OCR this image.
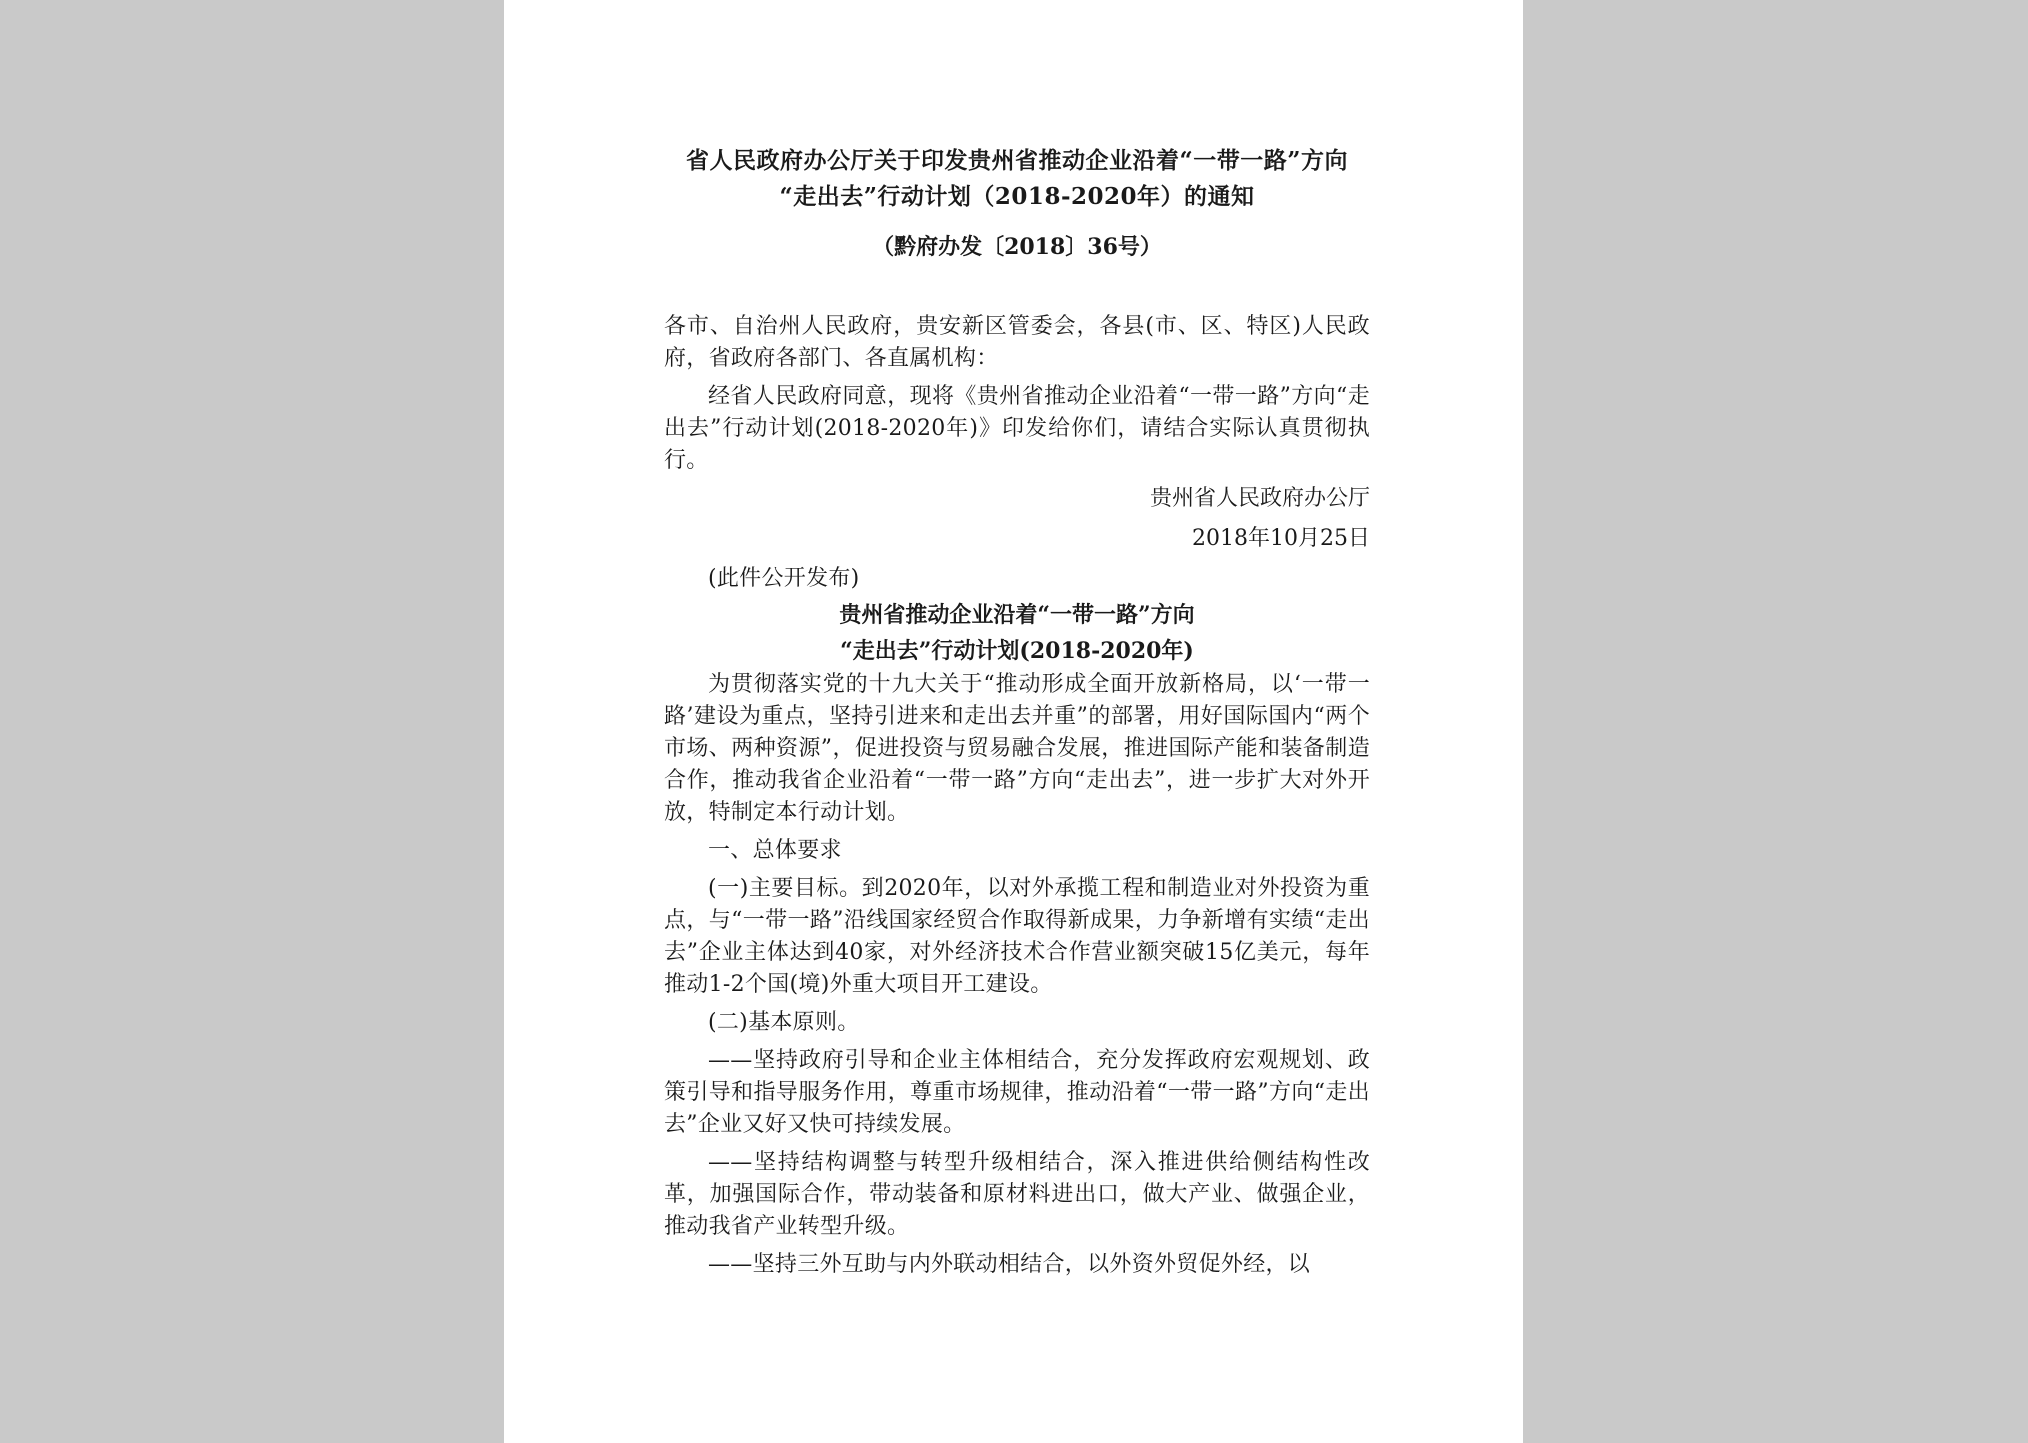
省人民政府办公厅关于印发贵州省推动企业沿着“一带一路”方向
“走出去”行动计划（2018-2020年）的通知
（黔府办发〔2018〕36号）

各市、自治州人民政府，贵安新区管委会，各县(市、区、特区)人民政府，省政府各部门、各直属机构：

经省人民政府同意，现将《贵州省推动企业沿着“一带一路”方向“走出去”行动计划(2018-2020年)》印发给你们，请结合实际认真贯彻执行。

贵州省人民政府办公厅

2018年10月25日

(此件公开发布)

贵州省推动企业沿着“一带一路”方向
“走出去”行动计划(2018-2020年)

为贯彻落实党的十九大关于“推动形成全面开放新格局，以‘一带一路’建设为重点，坚持引进来和走出去并重”的部署，用好国际国内“两个市场、两种资源”，促进投资与贸易融合发展，推进国际产能和装备制造合作，推动我省企业沿着“一带一路”方向“走出去”，进一步扩大对外开放，特制定本行动计划。

一、总体要求

(一)主要目标。到2020年，以对外承揽工程和制造业对外投资为重点，与“一带一路”沿线国家经贸合作取得新成果，力争新增有实绩“走出去”企业主体达到40家，对外经济技术合作营业额突破15亿美元，每年推动1-2个国(境)外重大项目开工建设。

(二)基本原则。

——坚持政府引导和企业主体相结合，充分发挥政府宏观规划、政策引导和指导服务作用，尊重市场规律，推动沿着“一带一路”方向“走出去”企业又好又快可持续发展。

——坚持结构调整与转型升级相结合，深入推进供给侧结构性改革，加强国际合作，带动装备和原材料进出口，做大产业、做强企业，推动我省产业转型升级。

——坚持三外互助与内外联动相结合，以外资外贸促外经，以
